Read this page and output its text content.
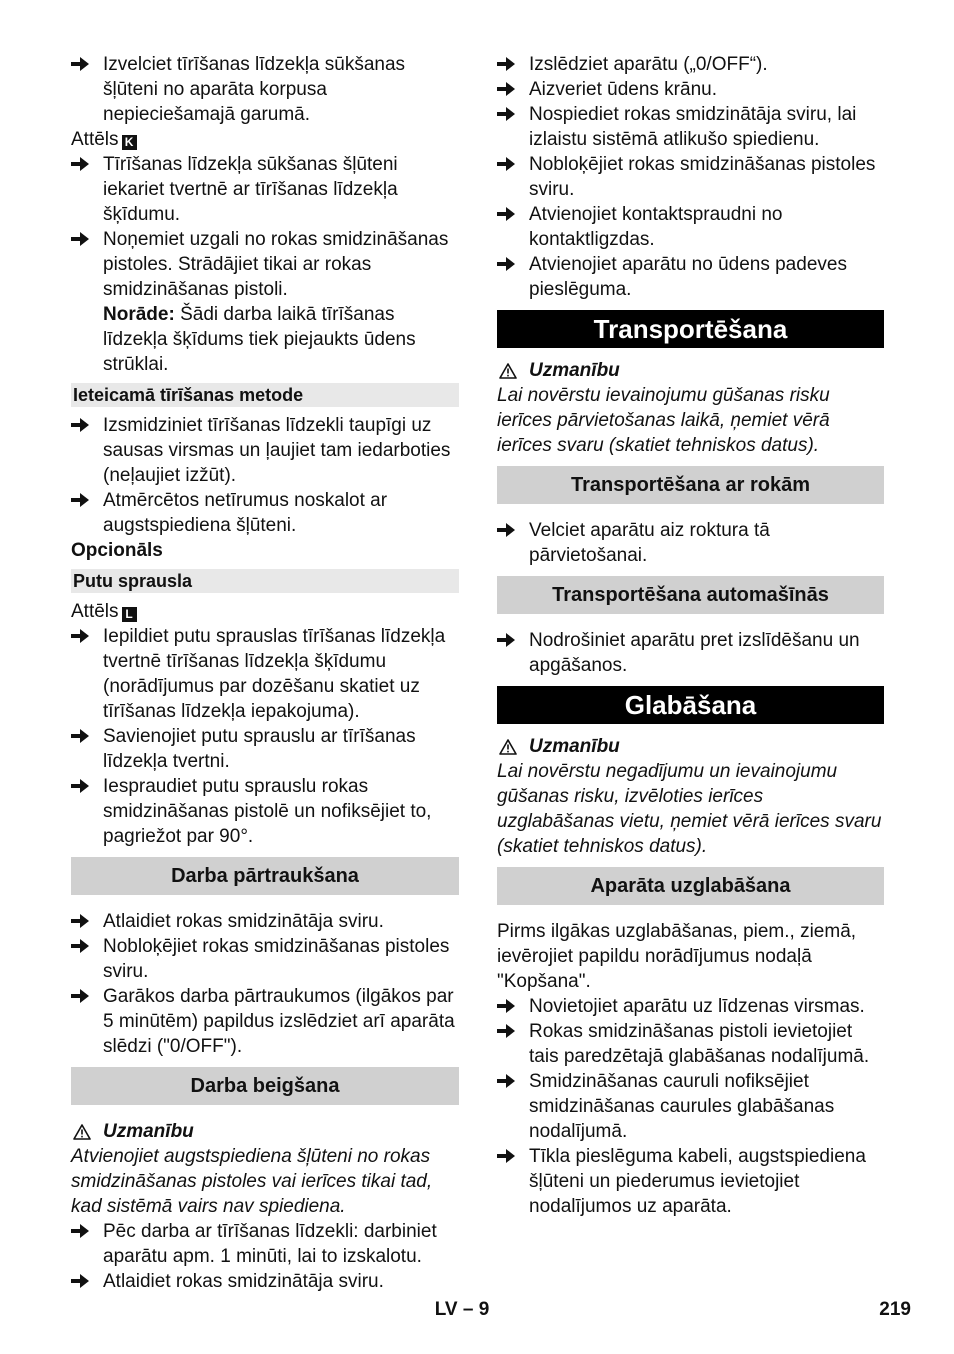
Izvelciet tīrīšanas līdzekļa sūkšanas šļūteni no aparāta korpusa nepieciešamajā garumā.
Attēls K
Tīrīšanas līdzekļa sūkšanas šļūteni iekariet tvertnē ar tīrīšanas līdzekļa šķīdumu.
Noņemiet uzgali no rokas smidzināšanas pistoles. Strādājiet tikai ar rokas smidzināšanas pistoli.
Norāde: Šādi darba laikā tīrīšanas līdzekļa šķīdums tiek piejaukts ūdens strūklai.
Ieteicamā tīrīšanas metode
Izsmidziniet tīrīšanas līdzekli taupīgi uz sausas virsmas un ļaujiet tam iedarboties (neļaujiet izžūt).
Atmērcētos netīrumus noskalot ar augstspiediena šļūteni.
Opcionāls
Putu sprausla
Attēls L
Iepildiet putu sprauslas tīrīšanas līdzekļa tvertnē tīrīšanas līdzekļa šķīdumu (norādījumus par dozēšanu skatiet uz tīrīšanas līdzekļa iepakojuma).
Savienojiet putu sprauslu ar tīrīšanas līdzekļa tvertni.
Iespraudiet putu sprauslu rokas smidzināšanas pistolē un nofiksējiet to, pagriežot par 90°.
Darba pārtraukšana
Atlaidiet rokas smidzinātāja sviru.
Nobloķējiet rokas smidzināšanas pistoles sviru.
Garākos darba pārtraukumos (ilgākos par 5 minūtēm) papildus izslēdziet arī aparāta slēdzi ("0/OFF").
Darba beigšana
Uzmanību
Atvienojiet augstspiediena šļūteni no rokas smidzināšanas pistoles vai ierīces tikai tad, kad sistēmā vairs nav spiediena.
Pēc darba ar tīrīšanas līdzekli: darbiniet aparātu apm. 1 minūti, lai to izskalotu.
Atlaidiet rokas smidzinātāja sviru.
Izslēdziet aparātu („0/OFF“).
Aizveriet ūdens krānu.
Nospiediet rokas smidzinātāja sviru, lai izlaistu sistēmā atlikušo spiedienu.
Nobloķējiet rokas smidzināšanas pistoles sviru.
Atvienojiet kontaktspraudni no kontaktligzdas.
Atvienojiet aparātu no ūdens padeves pieslēguma.
Transportēšana
Uzmanību
Lai novērstu ievainojumu gūšanas risku ierīces pārvietošanas laikā, ņemiet vērā ierīces svaru (skatiet tehniskos datus).
Transportēšana ar rokām
Velciet aparātu aiz roktura tā pārvietošanai.
Transportēšana automašīnās
Nodrošiniet aparātu pret izslīdēšanu un apgāšanos.
Glabāšana
Uzmanību
Lai novērstu negadījumu un ievainojumu gūšanas risku, izvēloties ierīces uzglabāšanas vietu, ņemiet vērā ierīces svaru (skatiet tehniskos datus).
Aparāta uzglabāšana
Pirms ilgākas uzglabāšanas, piem., ziemā, ievērojiet papildu norādījumus nodaļā "Kopšana".
Novietojiet aparātu uz līdzenas virsmas.
Rokas smidzināšanas pistoli ievietojiet tais paredzētajā glabāšanas nodalījumā.
Smidzināšanas cauruli nofiksējiet smidzināšanas caurules glabāšanas nodalījumā.
Tīkla pieslēguma kabeli, augstspiediena šļūteni un piederumus ievietojiet nodalījumos uz aparāta.
LV – 9	219
